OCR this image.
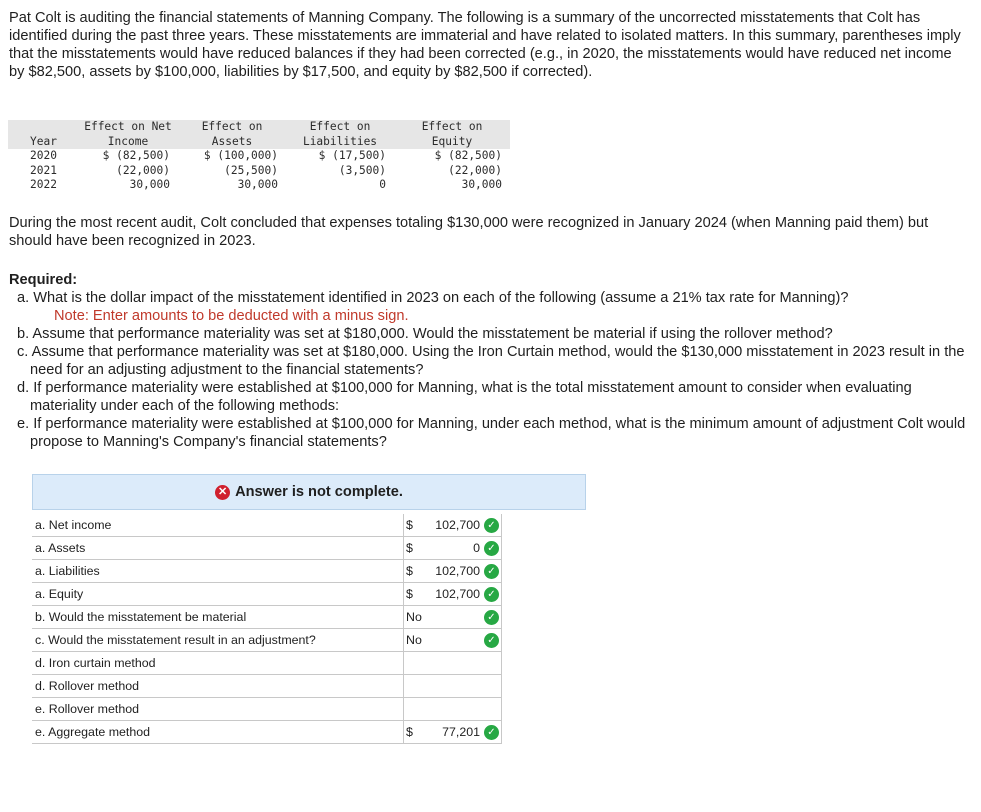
Pat Colt is auditing the financial statements of Manning Company. The following is a summary of the uncorrected misstatements that Colt has identified during the past three years. These misstatements are immaterial and have related to isolated matters. In this summary, parentheses imply that the misstatements would have reduced balances if they had been corrected (e.g., in 2020, the misstatements would have reduced net income by $82,500, assets by $100,000, liabilities by $17,500, and equity by $82,500 if corrected).

	Effect on Net	Effect on	Effect on	Effect on
Year	Income	Assets	Liabilities	Equity
2020	$ (82,500)	$ (100,000)	$ (17,500)	$ (82,500)
2021	(22,000)	(25,500)	(3,500)	(22,000)
2022	30,000	30,000	0	30,000

During the most recent audit, Colt concluded that expenses totaling $130,000 were recognized in January 2024 (when Manning paid them) but should have been recognized in 2023.

Required:
a. What is the dollar impact of the misstatement identified in 2023 on each of the following (assume a 21% tax rate for Manning)?
Note: Enter amounts to be deducted with a minus sign.
b. Assume that performance materiality was set at $180,000. Would the misstatement be material if using the rollover method?
c. Assume that performance materiality was set at $180,000. Using the Iron Curtain method, would the $130,000 misstatement in 2023 result in the need for an adjusting adjustment to the financial statements?
d. If performance materiality were established at $100,000 for Manning, what is the total misstatement amount to consider when evaluating materiality under each of the following methods:
e. If performance materiality were established at $100,000 for Manning, under each method, what is the minimum amount of adjustment Colt would propose to Manning's Company's financial statements?
✕ Answer is not complete.
a. Net income	$ 102,700 ✓

a. Assets	$ 0 ✓

a. Liabilities	$ 102,700 ✓

a. Equity	$ 102,700 ✓

b. Would the misstatement be material	No ✓

c. Would the misstatement result in an adjustment?	No ✓

d. Iron curtain method	

d. Rollover method	

e. Rollover method	

e. Aggregate method	$ 77,201 ✓
